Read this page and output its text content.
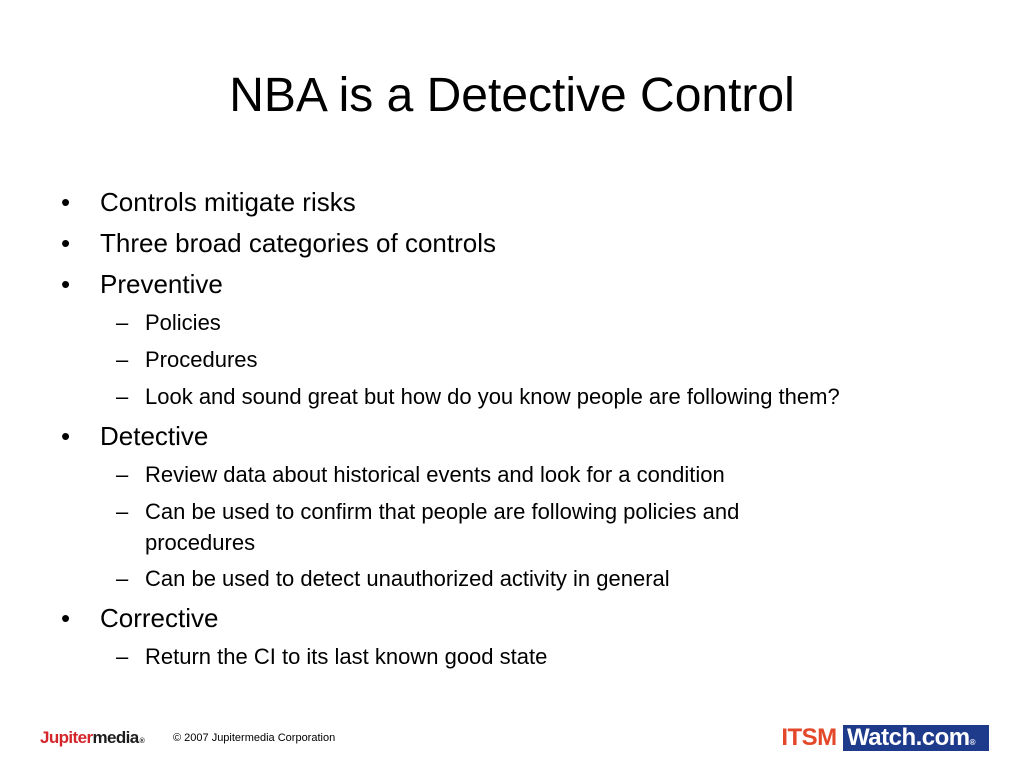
NBA is a Detective Control
• Controls mitigate risks
• Three broad categories of controls
• Preventive
– Policies
– Procedures
– Look and sound great but how do you know people are following them?
• Detective
– Review data about historical events and look for a condition
– Can be used to confirm that people are following policies and
procedures
– Can be used to detect unauthorized activity in general
• Corrective
– Return the CI to its last known good state
Jupitermedia®	© 2007 Jupitermedia Corporation	ITSM Watch.com®
